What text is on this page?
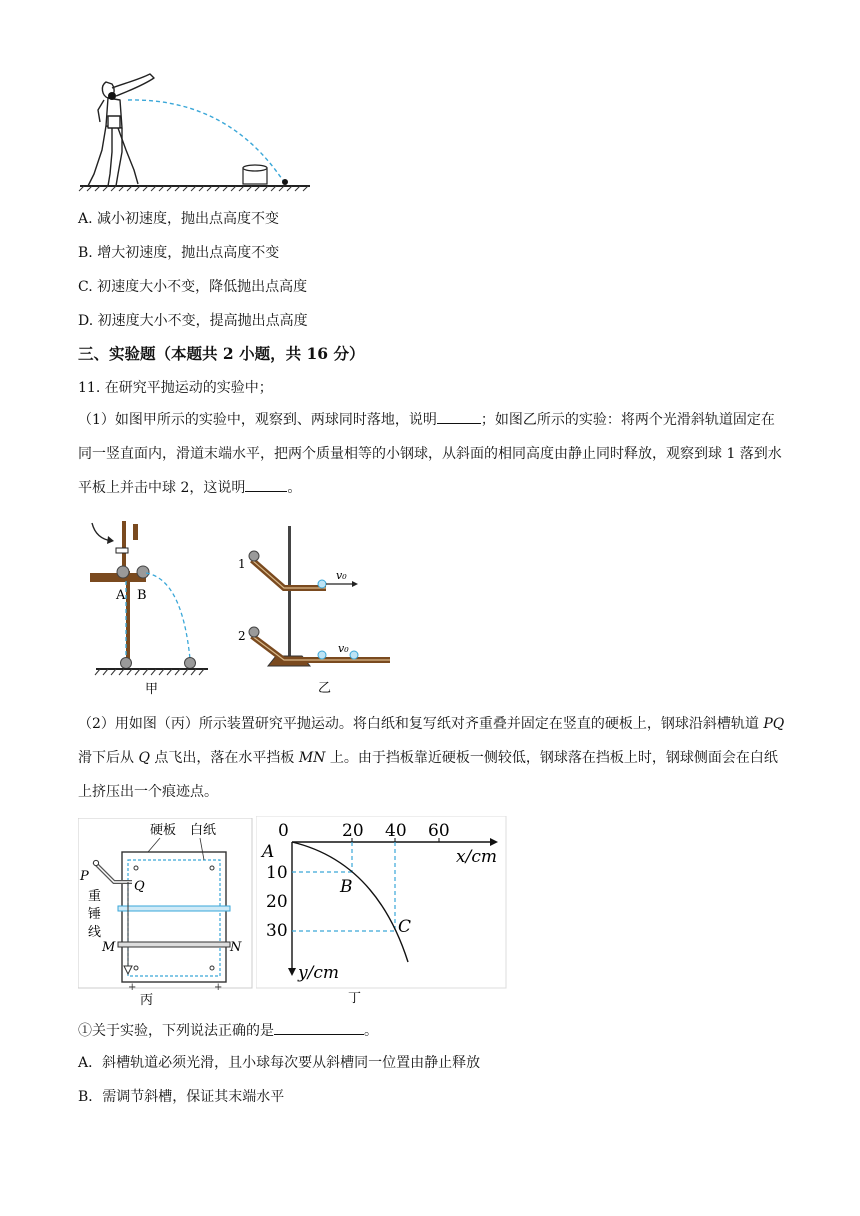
A. 减小初速度，抛出点高度不变
B. 增大初速度，抛出点高度不变
C. 初速度大小不变，降低抛出点高度
D. 初速度大小不变，提高抛出点高度
三、实验题（本题共 2 小题，共 16 分）
11. 在研究平抛运动的实验中；
（1）如图甲所示的实验中，观察到、两球同时落地，说明	；如图乙所示的实验：将两个光滑斜轨道固定在同一竖直面内，滑道末端水平，把两个质量相等的小钢球，从斜面的相同高度由静止同时释放，观察到球 1 落到水平板上并击中球 2，这说明	。
A B
甲
v₀
1
v₀
2
乙
（2）用如图（丙）所示装置研究平抛运动。将白纸和复写纸对齐重叠并固定在竖直的硬板上，钢球沿斜槽轨道 PQ 滑下后从 Q 点飞出，落在水平挡板 MN 上。由于挡板靠近硬板一侧较低，钢球落在挡板上时，钢球侧面会在白纸上挤压出一个痕迹点。
硬板 白纸
P
Q
重
锤
线
M	N
+	+
丙
20 40 60
0
A
10
20
30
B
C
x/cm
y/cm
丁
①关于实验，下列说法正确的是	。
A．斜槽轨道必须光滑，且小球每次要从斜槽同一位置由静止释放
B．需调节斜槽，保证其末端水平
